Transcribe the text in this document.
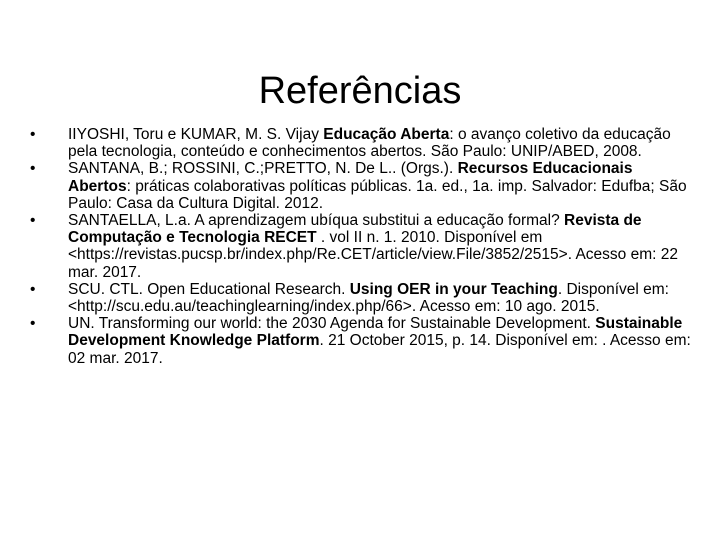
Referências
•	IIYOSHI, Toru e KUMAR, M. S. Vijay Educação Aberta: o avanço coletivo da educação pela tecnologia, conteúdo e conhecimentos abertos. São Paulo: UNIP/ABED, 2008.
•	SANTANA, B.; ROSSINI, C.;PRETTO, N. De L.. (Orgs.). Recursos Educacionais Abertos: práticas colaborativas políticas públicas. 1a. ed., 1a. imp. Salvador: Edufba; São Paulo: Casa da Cultura Digital. 2012.
•	SANTAELLA, L.a. A aprendizagem ubíqua substitui a educação formal? Revista de Computação e Tecnologia RECET . vol II n. 1. 2010. Disponível em <https://revistas.pucsp.br/index.php/Re.CET/article/view.File/3852/2515>. Acesso em: 22 mar. 2017.
•	SCU. CTL. Open Educational Research. Using OER in your Teaching. Disponível em: <http://scu.edu.au/teachinglearning/index.php/66>. Acesso em: 10 ago. 2015.
•	UN. Transforming our world: the 2030 Agenda for Sustainable Development. Sustainable Development Knowledge Platform. 21 October 2015, p. 14. Disponível em: . Acesso em: 02 mar. 2017.
